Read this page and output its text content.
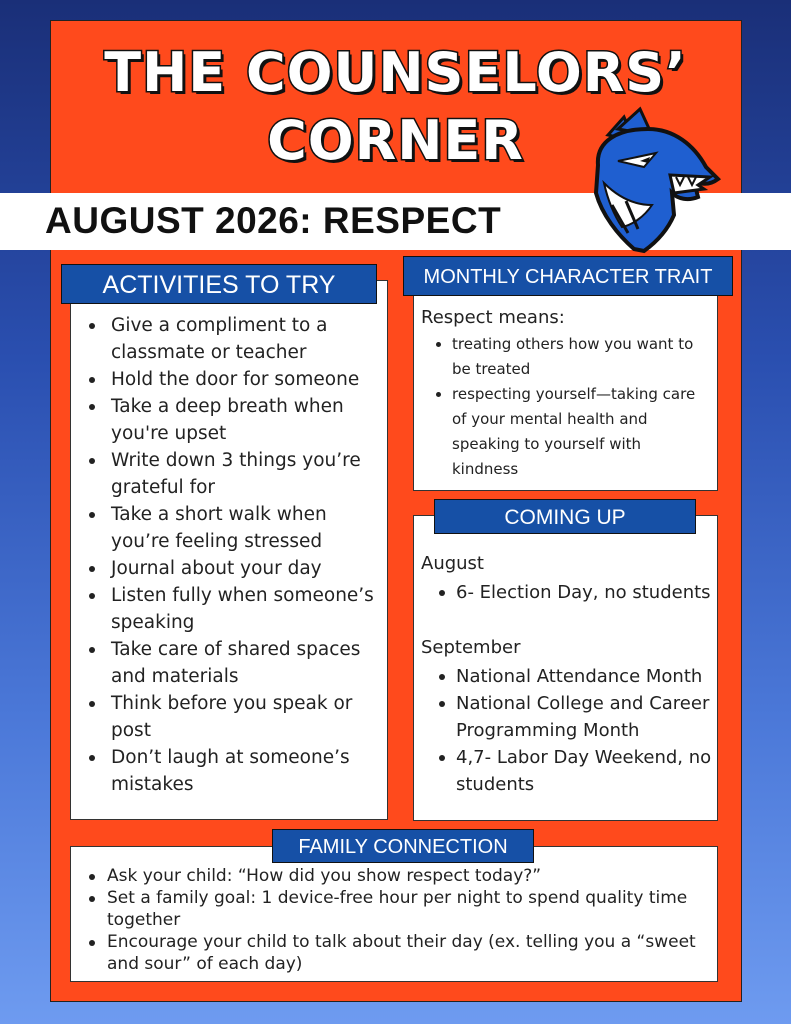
THE COUNSELORS’
CORNER
AUGUST 2026: RESPECT
Give a compliment to a classmate or teacher
Hold the door for someone
Take a deep breath when you're upset
Write down 3 things you’re grateful for
Take a short walk when you’re feeling stressed
Journal about your day
Listen fully when someone’s speaking
Take care of shared spaces and materials
Think before you speak or post
Don’t laugh at someone’s mistakes
ACTIVITIES TO TRY
Respect means:
treating others how you want to be treated
respecting yourself—taking care of your mental health and speaking to yourself with kindness
MONTHLY CHARACTER TRAIT
August
6- Election Day, no students
September
National Attendance Month
National College and Career Programming Month
4,7- Labor Day Weekend, no students
COMING UP
Ask your child: “How did you show respect today?”
Set a family goal: 1 device-free hour per night to spend quality time together
Encourage your child to talk about their day (ex. telling you a “sweet and sour” of each day)
FAMILY CONNECTION
